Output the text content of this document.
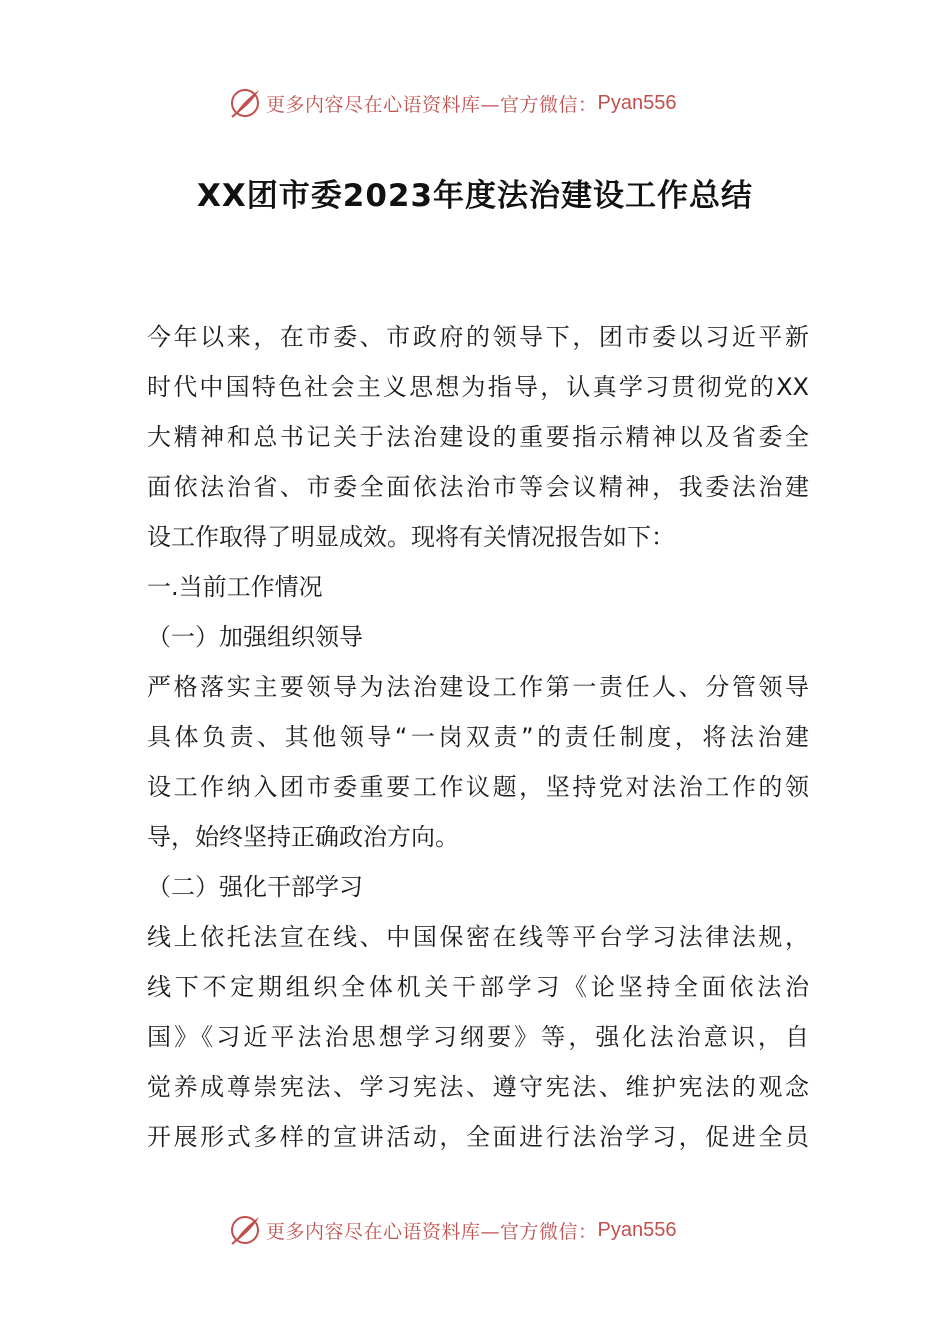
更多内容尽在心语资料库—官方微信： Pyan556
XX团市委2023年度法治建设工作总结
今年以来，在市委、市政府的领导下，团市委以习近平新
时代中国特色社会主义思想为指导，认真学习贯彻党的XX
大精神和总书记关于法治建设的重要指示精神以及省委全
面依法治省、市委全面依法治市等会议精神，我委法治建
设工作取得了明显成效。现将有关情况报告如下：
一.当前工作情况
（一）加强组织领导
严格落实主要领导为法治建设工作第一责任人、分管领导
具体负责、其他领导“一岗双责”的责任制度，将法治建
设工作纳入团市委重要工作议题，坚持党对法治工作的领
导，始终坚持正确政治方向。
（二）强化干部学习
线上依托法宣在线、中国保密在线等平台学习法律法规，
线下不定期组织全体机关干部学习《论坚持全面依法治
国》《习近平法治思想学习纲要》等，强化法治意识，自
觉养成尊崇宪法、学习宪法、遵守宪法、维护宪法的观念
开展形式多样的宣讲活动，全面进行法治学习，促进全员
更多内容尽在心语资料库—官方微信： Pyan556
